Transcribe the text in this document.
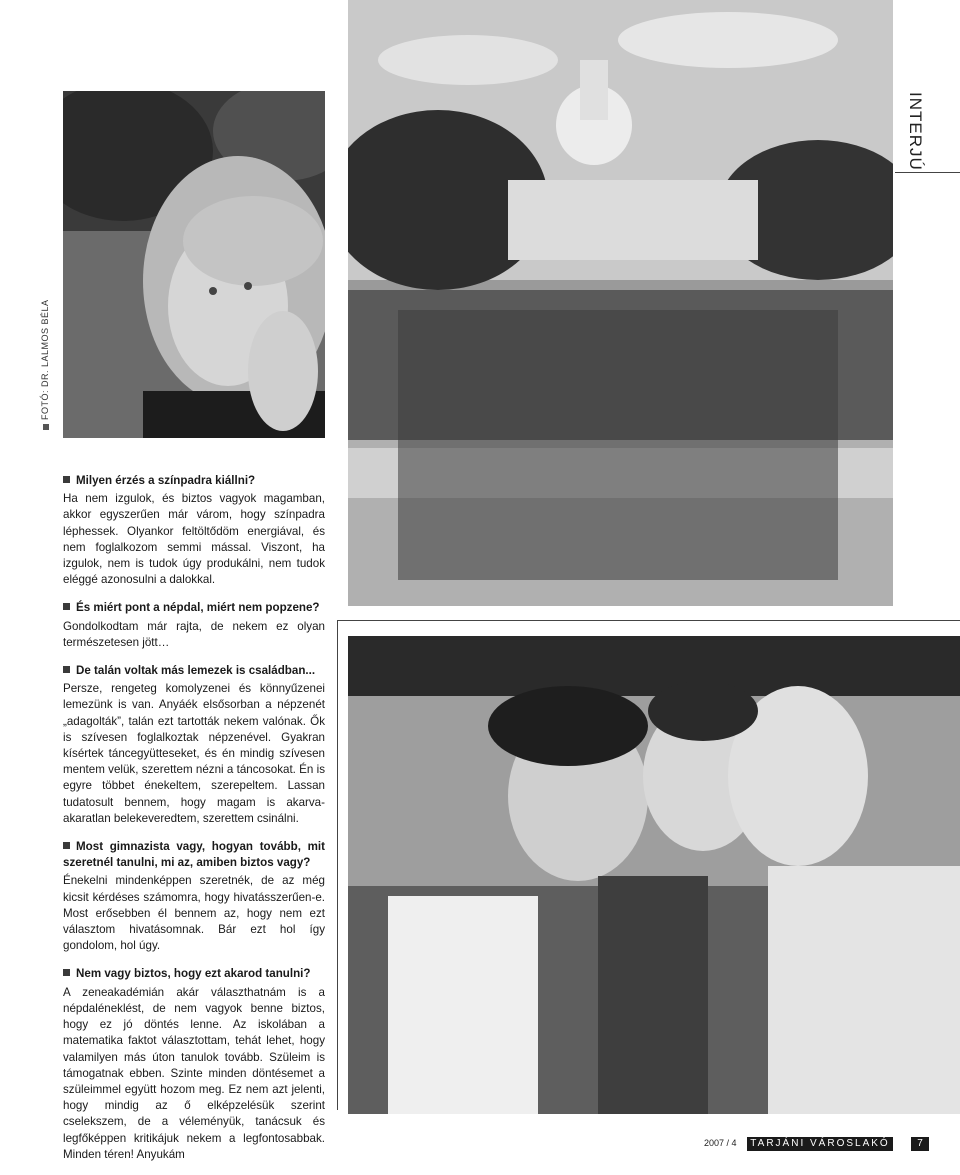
FOTÓ: DR. LALMOS BÉLA
INTERJÚ

Milyen érzés a színpadra kiállni?

Ha nem izgulok, és biztos vagyok magamban, akkor egyszerűen már várom, hogy színpadra léphessek. Olyankor feltöltődöm energiával, és nem foglalkozom semmi mással. Viszont, ha izgulok, nem is tudok úgy produkálni, nem tudok eléggé azonosulni a dalokkal.

És miért pont a népdal, miért nem popzene?

Gondolkodtam már rajta, de nekem ez olyan természetesen jött…

De talán voltak más lemezek is családban...

Persze, rengeteg komolyzenei és könnyűzenei lemezünk is van. Anyáék elsősorban a népzenét „adagolták”, talán ezt tartották nekem valónak. Ők is szívesen foglalkoztak népzenével. Gyakran kísértek táncegyütteseket, és én mindig szívesen mentem velük, szerettem nézni a táncosokat. Én is egyre többet énekeltem, szerepeltem. Lassan tudatosult bennem, hogy magam is akarva-akaratlan belekeveredtem, szerettem csinálni.

Most gimnazista vagy, hogyan tovább, mit szeretnél tanulni, mi az, amiben biztos vagy?

Énekelni mindenképpen szeretnék, de az még kicsit kérdéses számomra, hogy hivatásszerűen-e. Most erősebben él bennem az, hogy nem ezt választom hivatásomnak. Bár ezt hol így gondolom, hol úgy.

Nem vagy biztos, hogy ezt akarod tanulni?

A zeneakadémián akár választhatnám is a népdaléneklést, de nem vagyok benne biztos, hogy ez jó döntés lenne. Az iskolában a matematika faktot választottam, tehát lehet, hogy valamilyen más úton tanulok tovább. Szüleim is támogatnak ebben. Szinte minden döntésemet a szüleimmel együtt hozom meg. Ez nem azt jelenti, hogy mindig az ő elképzelésük szerint cselekszem, de a véleményük, tanácsuk és legfőképpen kritikájuk nekem a legfontosabbak. Minden téren! Anyukám

2007 / 4	TARJÁNI VÁROSLAKÓ	7
